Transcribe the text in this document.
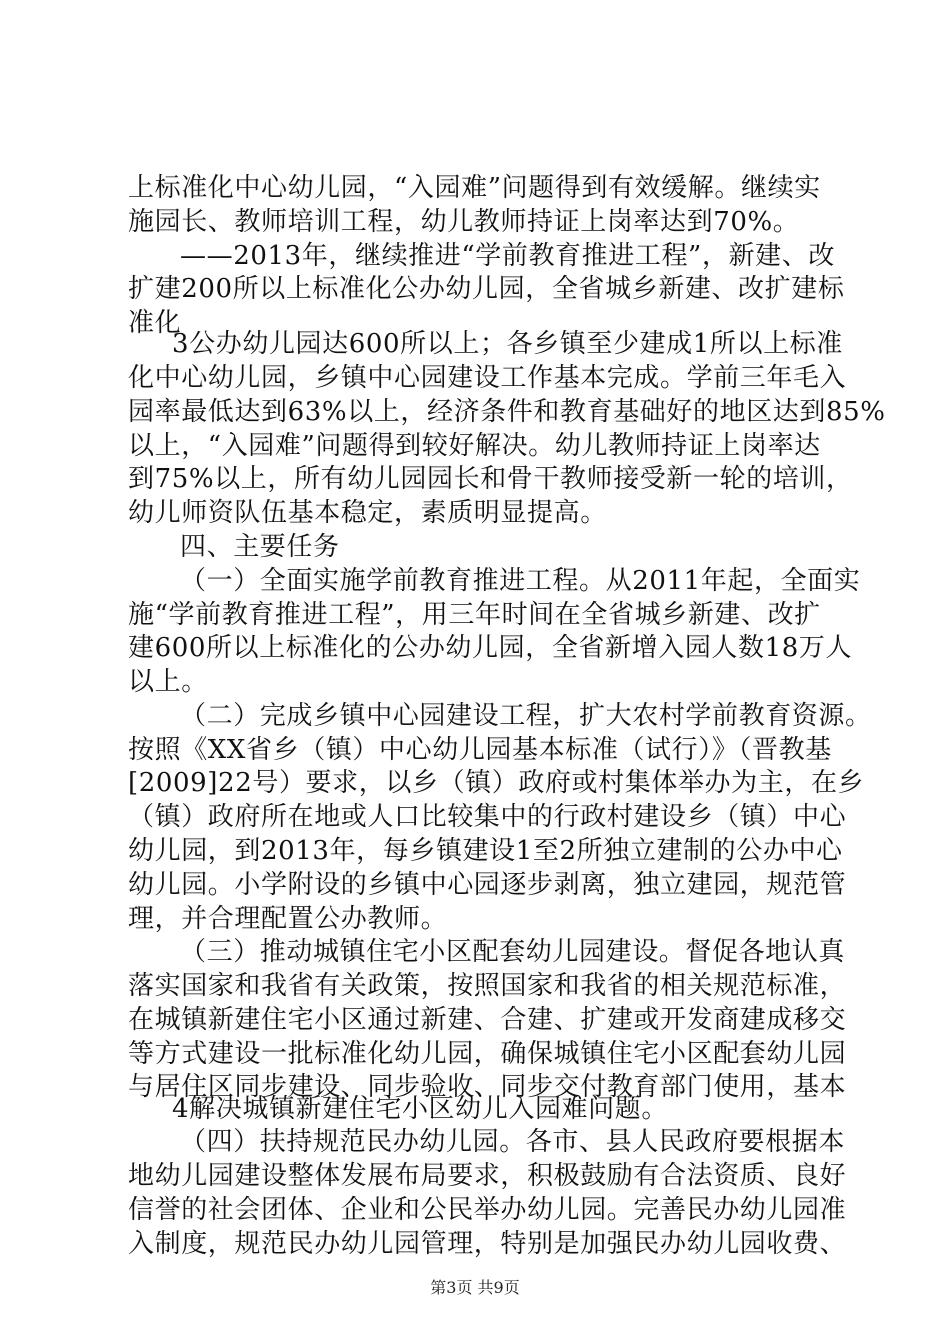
上标准化中心幼儿园，“入园难”问题得到有效缓解。继续实
施园长、教师培训工程，幼儿教师持证上岗率达到70%。
——2013年，继续推进“学前教育推进工程”，新建、改
扩建200所以上标准化公办幼儿园，全省城乡新建、改扩建标
准化
3公办幼儿园达600所以上；各乡镇至少建成1所以上标准
化中心幼儿园，乡镇中心园建设工作基本完成。学前三年毛入
园率最低达到63%以上，经济条件和教育基础好的地区达到85%
以上，“入园难”问题得到较好解决。幼儿教师持证上岗率达
到75%以上，所有幼儿园园长和骨干教师接受新一轮的培训，
幼儿师资队伍基本稳定，素质明显提高。
四、主要任务
（一）全面实施学前教育推进工程。从2011年起，全面实
施“学前教育推进工程”，用三年时间在全省城乡新建、改扩
建600所以上标准化的公办幼儿园，全省新增入园人数18万人
以上。
（二）完成乡镇中心园建设工程，扩大农村学前教育资源。
按照《XX省乡（镇）中心幼儿园基本标准（试行）》（晋教基
[2009]22号）要求，以乡（镇）政府或村集体举办为主，在乡
（镇）政府所在地或人口比较集中的行政村建设乡（镇）中心
幼儿园，到2013年，每乡镇建设1至2所独立建制的公办中心
幼儿园。小学附设的乡镇中心园逐步剥离，独立建园，规范管
理，并合理配置公办教师。
（三）推动城镇住宅小区配套幼儿园建设。督促各地认真
落实国家和我省有关政策，按照国家和我省的相关规范标准，
在城镇新建住宅小区通过新建、合建、扩建或开发商建成移交
等方式建设一批标准化幼儿园，确保城镇住宅小区配套幼儿园
与居住区同步建设、同步验收、同步交付教育部门使用，基本
4解决城镇新建住宅小区幼儿入园难问题。
（四）扶持规范民办幼儿园。各市、县人民政府要根据本
地幼儿园建设整体发展布局要求，积极鼓励有合法资质、良好
信誉的社会团体、企业和公民举办幼儿园。完善民办幼儿园准
入制度，规范民办幼儿园管理，特别是加强民办幼儿园收费、
第3页 共9页
